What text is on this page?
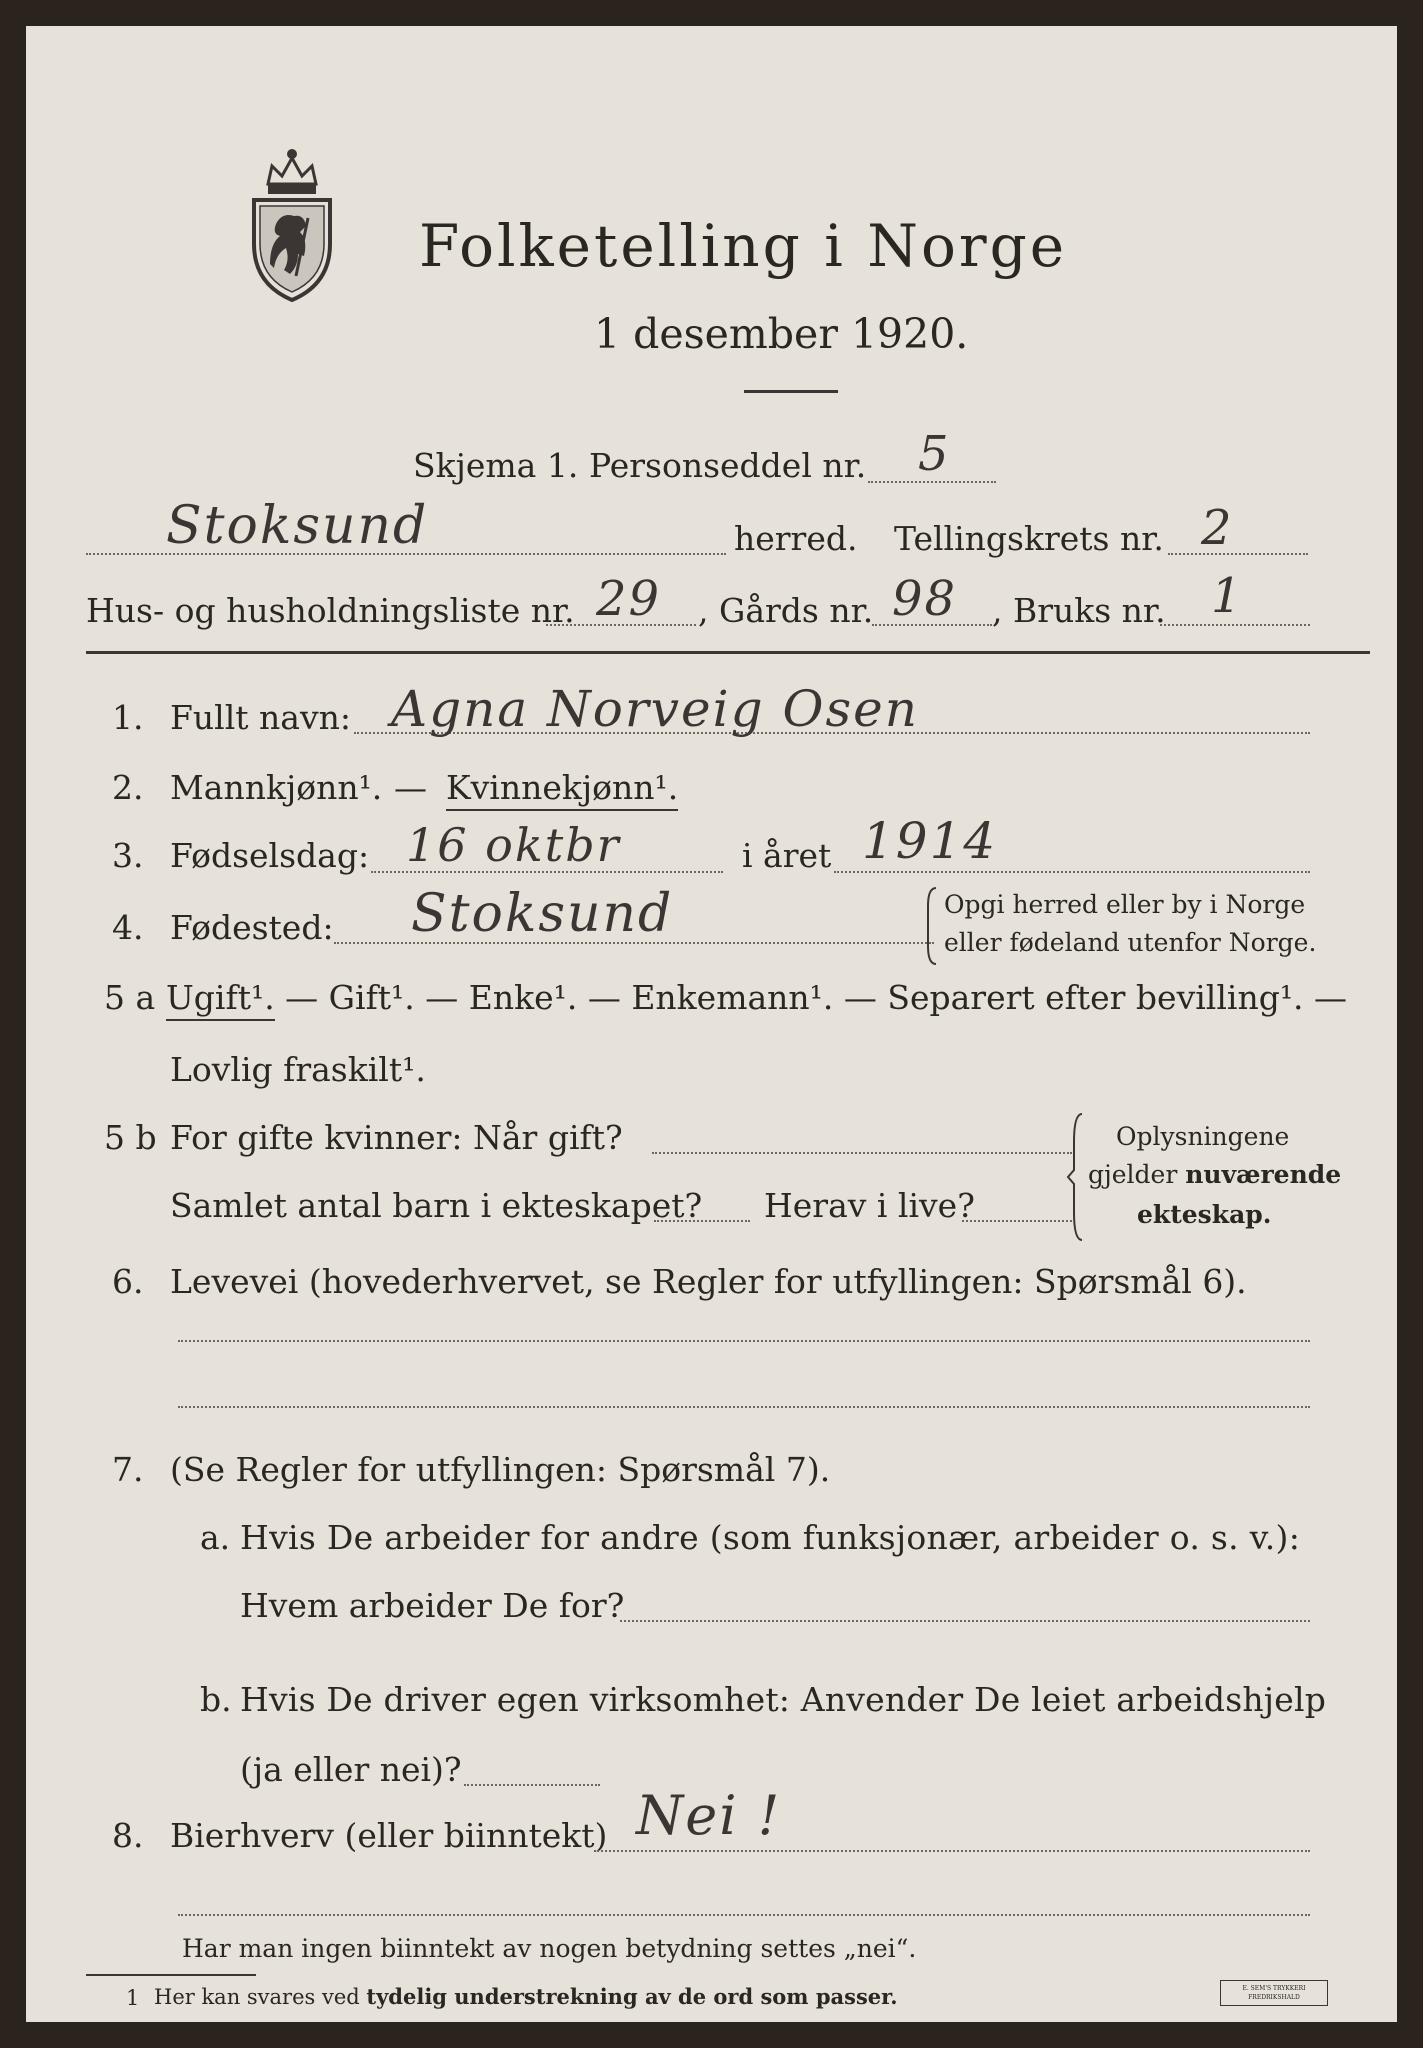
Folketelling i Norge
1 desember 1920.
Skjema 1. Personseddel nr. 5
Stoksund	herred. Tellingskrets nr. 2
Hus- og husholdningsliste nr. 29 , Gårds nr. 98 , Bruks nr. 1
1. Fullt navn: Agna Norveig Osen
2. Mannkjønn¹. — Kvinnekjønn¹.
3. Fødselsdag: 16 oktbr	i året 1914
4. Fødested: Stoksund	Opgi herred eller by i Norge
eller fødeland utenfor Norge.
5 a Ugift¹. — Gift¹. — Enke¹. — Enkemann¹. — Separert efter bevilling¹. —
Lovlig fraskilt¹.
5 b For gifte kvinner: Når gift?
Samlet antal barn i ekteskapet? Herav i live?
Oplysningene
gjelder nuværende
ekteskap.
6. Levevei (hovederhvervet, se Regler for utfyllingen: Spørsmål 6).
7. (Se Regler for utfyllingen: Spørsmål 7).
a. Hvis De arbeider for andre (som funksjonær, arbeider o. s. v.):
Hvem arbeider De for?
b. Hvis De driver egen virksomhet: Anvender De leiet arbeidshjelp
(ja eller nei)?
8. Bierhverv (eller biinntekt) Nei !
Har man ingen biinntekt av nogen betydning settes „nei“.
1 Her kan svares ved tydelig understrekning av de ord som passer.	E. SEM'S TRYKKERI
FREDRIKSHALD
